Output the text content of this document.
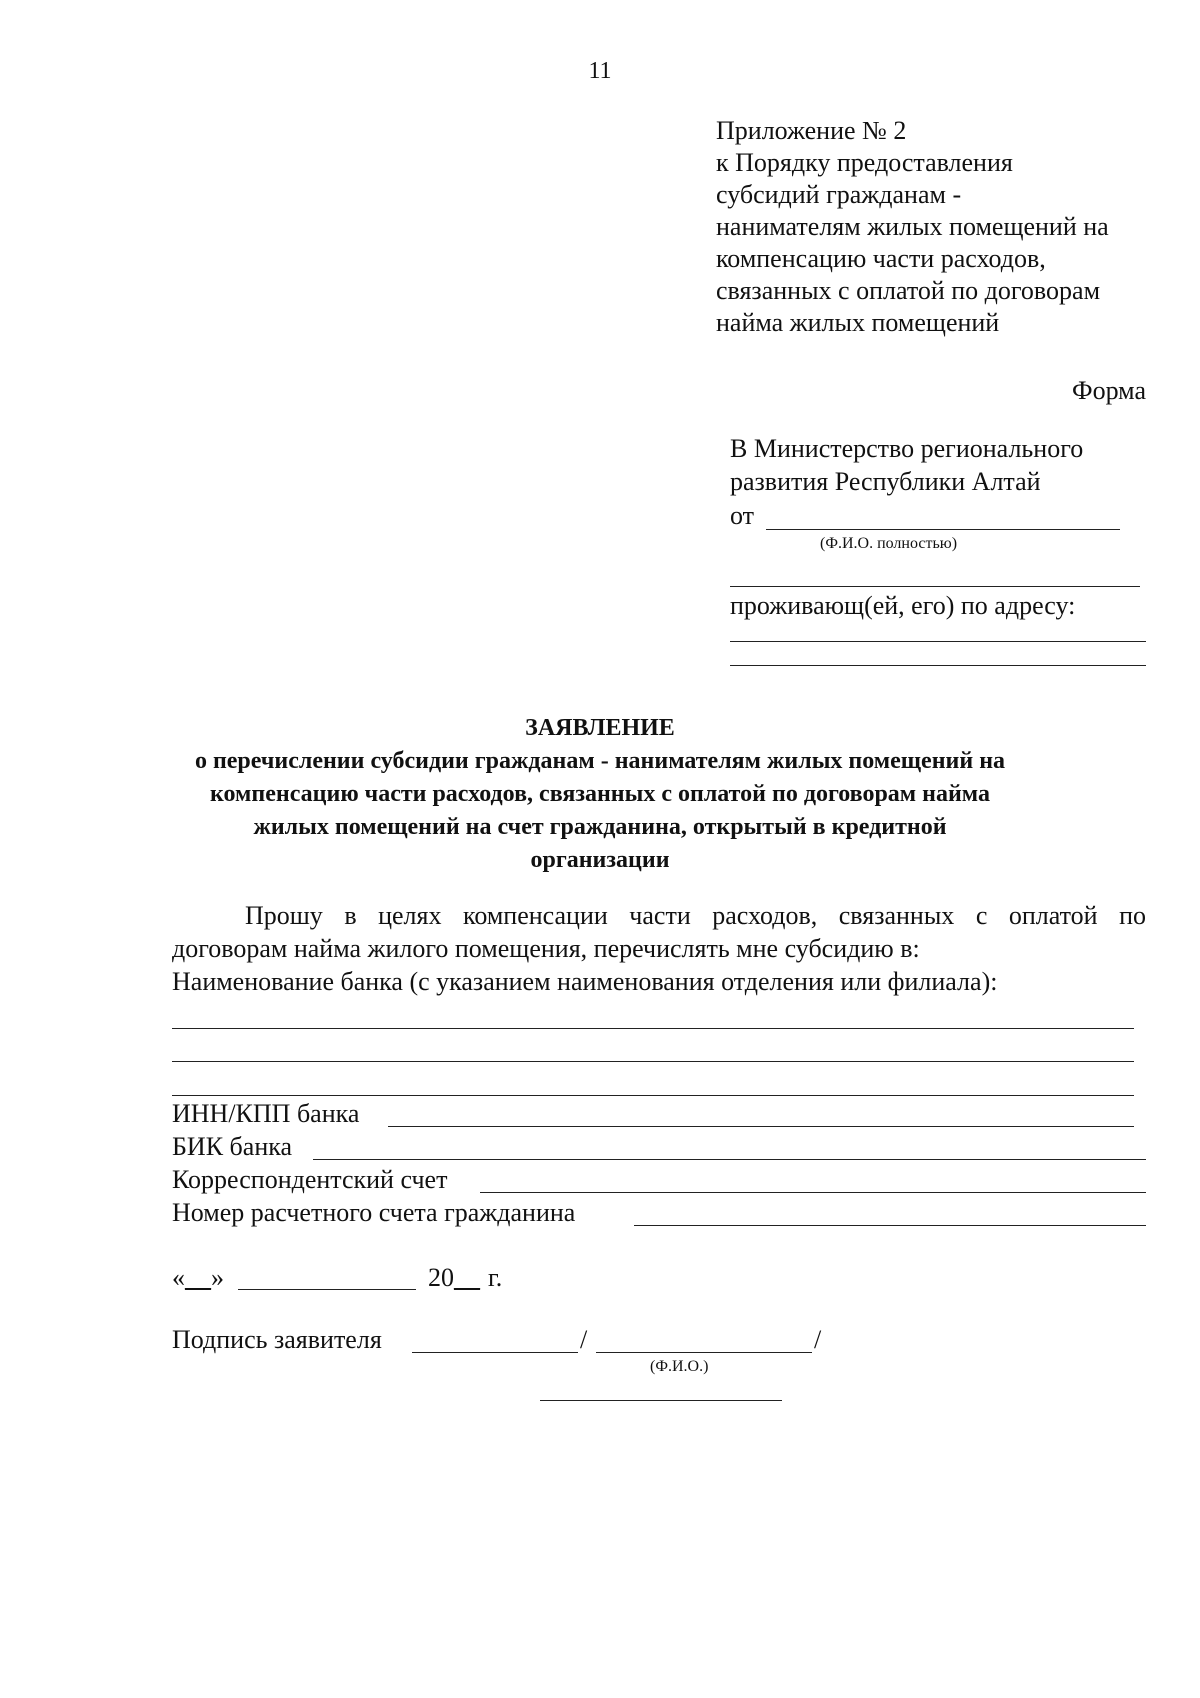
11
Приложение № 2
к Порядку предоставления
субсидий гражданам -
нанимателям жилых помещений на
компенсацию части расходов,
связанных с оплатой по договорам
найма жилых помещений
Форма
В Министерство регионального
развития Республики Алтай
от
(Ф.И.О. полностью)
проживающ(ей, его) по адресу:
ЗАЯВЛЕНИЕ
о перечислении субсидии гражданам - нанимателям жилых помещений на
компенсацию части расходов, связанных с оплатой по договорам найма
жилых помещений на счет гражданина, открытый в кредитной
организации
Прошу в целях компенсации части расходов, связанных с оплатой по
договорам найма жилого помещения, перечислять мне субсидию в:
Наименование банка (с указанием наименования отделения или филиала):
ИНН/КПП банка
БИК банка
Корреспондентский счет
Номер расчетного счета гражданина
«__»	20__ г.
Подпись заявителя	/	/
(Ф.И.О.)
